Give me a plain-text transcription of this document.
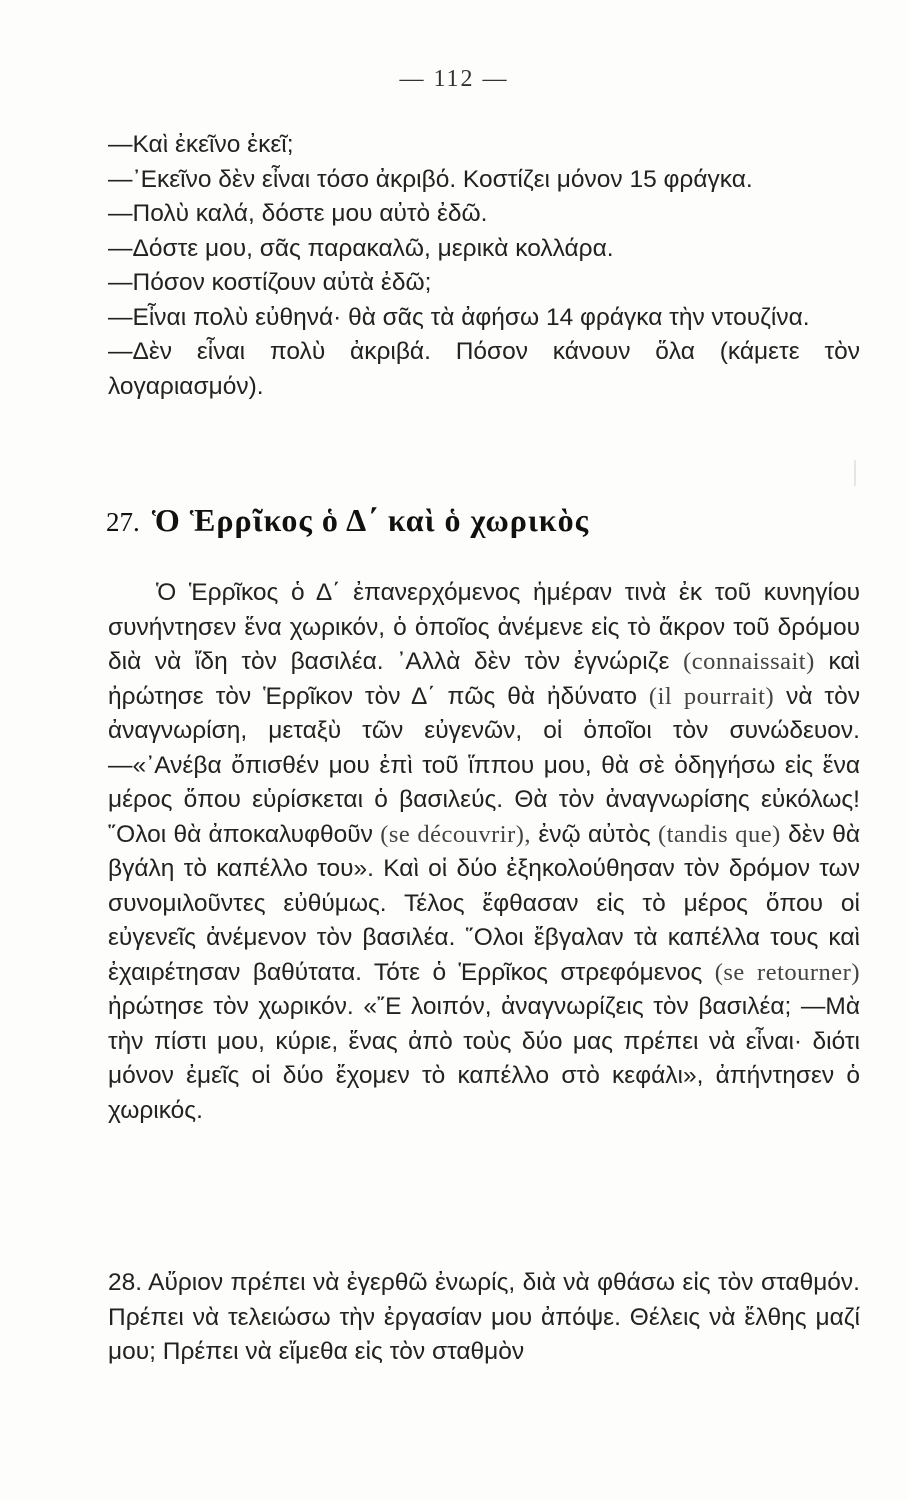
— 112 —

—Καὶ ἐκεῖνο ἐκεῖ;

—᾿Εκεῖνο δὲν εἶναι τόσο ἀκριβό. Κοστίζει μόνον 15 φράγκα.

—Πολὺ καλά, δόστε μου αὐτὸ ἐδῶ.

—Δόστε μου, σᾶς παρακαλῶ, μερικὰ κολλάρα.

—Πόσον κοστίζουν αὐτὰ ἐδῶ;

—Εἶναι πολὺ εὐθηνά· θὰ σᾶς τὰ ἀφήσω 14 φράγκα τὴν ντουζίνα.

—Δὲν εἶναι πολὺ ἀκριβά. Πόσον κάνουν ὅλα (κάμετε τὸν λογαριασμόν).

27. Ὁ Ἑρρῖκος ὁ Δ΄ καὶ ὁ χωρικὸς

Ὁ Ἑρρῖκος ὁ Δ΄ ἐπανερχόμενος ἡμέραν τινὰ ἐκ τοῦ κυνηγίου συνήντησεν ἕνα χωρικόν, ὁ ὁποῖος ἀνέμενε εἰς τὸ ἄκρον τοῦ δρόμου διὰ νὰ ἴδη τὸν βασιλέα. ᾿Αλλὰ δὲν τὸν ἐγνώριζε (connaissait) καὶ ἠρώτησε τὸν Ἑρρῖκον τὸν Δ΄ πῶς θὰ ἠδύνατο (il pourrait) νὰ τὸν ἀναγνωρίση, μεταξὺ τῶν εὐγενῶν, οἱ ὁποῖοι τὸν συνώδευον.—«᾿Ανέβα ὄπισθέν μου ἐπὶ τοῦ ἵππου μου, θὰ σὲ ὁδηγήσω εἰς ἕνα μέρος ὅπου εὑρίσκεται ὁ βασιλεύς. Θὰ τὸν ἀναγνωρίσης εὐκόλως! ῞Ολοι θὰ ἀποκαλυφθοῦν (se découvrir), ἐνῷ αὐτὸς (tandis que) δὲν θὰ βγάλη τὸ καπέλλο του». Καὶ οἱ δύο ἐξηκολούθησαν τὸν δρόμον των συνομιλοῦντες εὐθύμως. Τέλος ἔφθασαν εἰς τὸ μέρος ὅπου οἱ εὐγενεῖς ἀνέμενον τὸν βασιλέα. ῞Ολοι ἔβγαλαν τὰ καπέλλα τους καὶ ἐχαιρέτησαν βαθύτατα. Τότε ὁ Ἑρρῖκος στρεφόμενος (se retourner) ἠρώτησε τὸν χωρικόν. «῎Ε λοιπόν, ἀναγνωρίζεις τὸν βασιλέα; —Μὰ τὴν πίστι μου, κύριε, ἕνας ἀπὸ τοὺς δύο μας πρέπει νὰ εἶναι· διότι μόνον ἐμεῖς οἱ δύο ἔχομεν τὸ καπέλλο στὸ κεφάλι», ἀπήντησεν ὁ χωρικός.

28. Αὔριον πρέπει νὰ ἐγερθῶ ἐνωρίς, διὰ νὰ φθάσω εἰς τὸν σταθμόν. Πρέπει νὰ τελειώσω τὴν ἐργασίαν μου ἀπόψε. Θέλεις νὰ ἔλθης μαζί μου; Πρέπει νὰ εἴμεθα εἰς τὸν σταθμὸν
